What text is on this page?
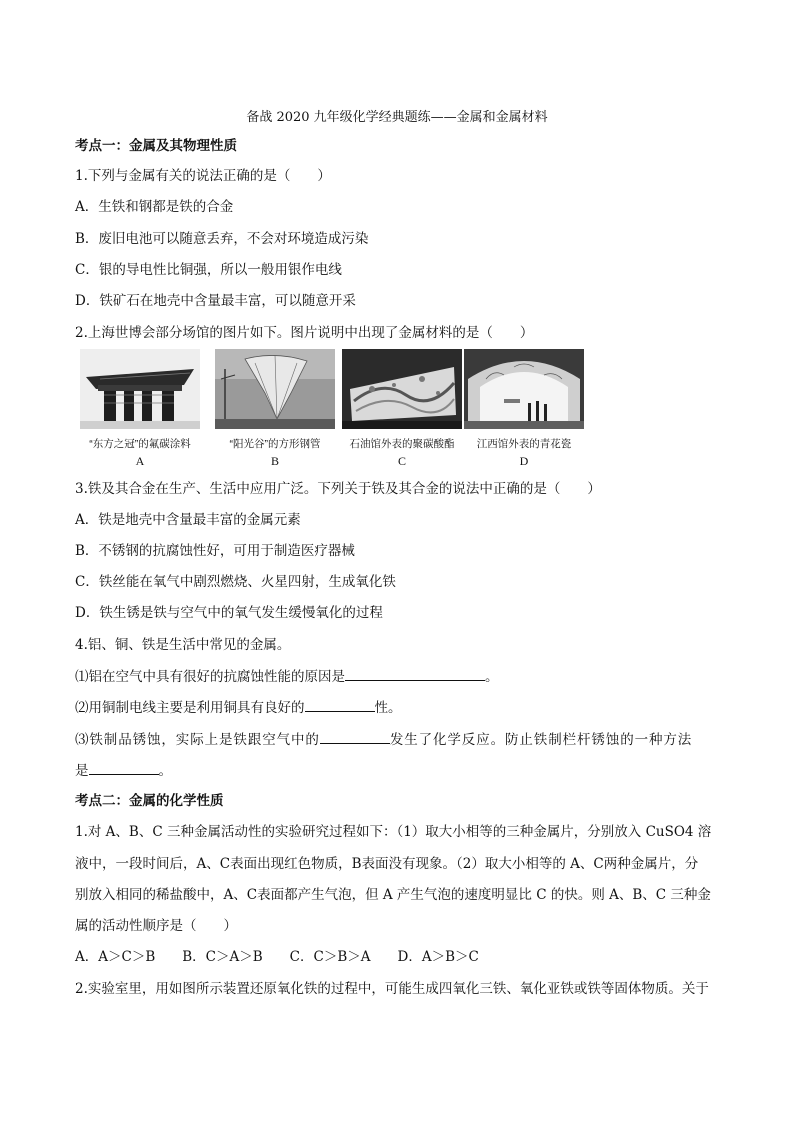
备战 2020 九年级化学经典题练——金属和金属材料
考点一：金属及其物理性质
1.下列与金属有关的说法正确的是（　　）
A．生铁和钢都是铁的合金
B．废旧电池可以随意丢弃，不会对环境造成污染
C．银的导电性比铜强，所以一般用银作电线
D．铁矿石在地壳中含量最丰富，可以随意开采
2.上海世博会部分场馆的图片如下。图片说明中出现了金属材料的是（　　）
“东方之冠”的氟碳涂料
A
“阳光谷”的方形钢管
B
石油馆外表的聚碳酸酯
C
江西馆外表的青花瓷
D
3.铁及其合金在生产、生活中应用广泛。下列关于铁及其合金的说法中正确的是（　　）
A．铁是地壳中含量最丰富的金属元素
B．不锈钢的抗腐蚀性好，可用于制造医疗器械
C．铁丝能在氧气中剧烈燃烧、火星四射，生成氧化铁
D．铁生锈是铁与空气中的氧气发生缓慢氧化的过程
4.铝、铜、铁是生活中常见的金属。
⑴铝在空气中具有很好的抗腐蚀性能的原因是	。
⑵用铜制电线主要是利用铜具有良好的	性。
⑶铁制品锈蚀，实际上是铁跟空气中的	发生了化学反应。防止铁制栏杆锈蚀的一种方法
是	。
考点二：金属的化学性质
1.对 A、B、C 三种金属活动性的实验研究过程如下：（1）取大小相等的三种金属片，分别放入 CuSO4 溶
液中，一段时间后，A、C表面出现红色物质，B表面没有现象。（2）取大小相等的 A、C两种金属片，分
别放入相同的稀盐酸中，A、C表面都产生气泡，但 A 产生气泡的速度明显比 C 的快。则 A、B、C 三种金
属的活动性顺序是（　　）
A．A＞C＞B　　B．C＞A＞B　　C．C＞B＞A　　D．A＞B＞C
2.实验室里，用如图所示装置还原氧化铁的过程中，可能生成四氧化三铁、氧化亚铁或铁等固体物质。关于
